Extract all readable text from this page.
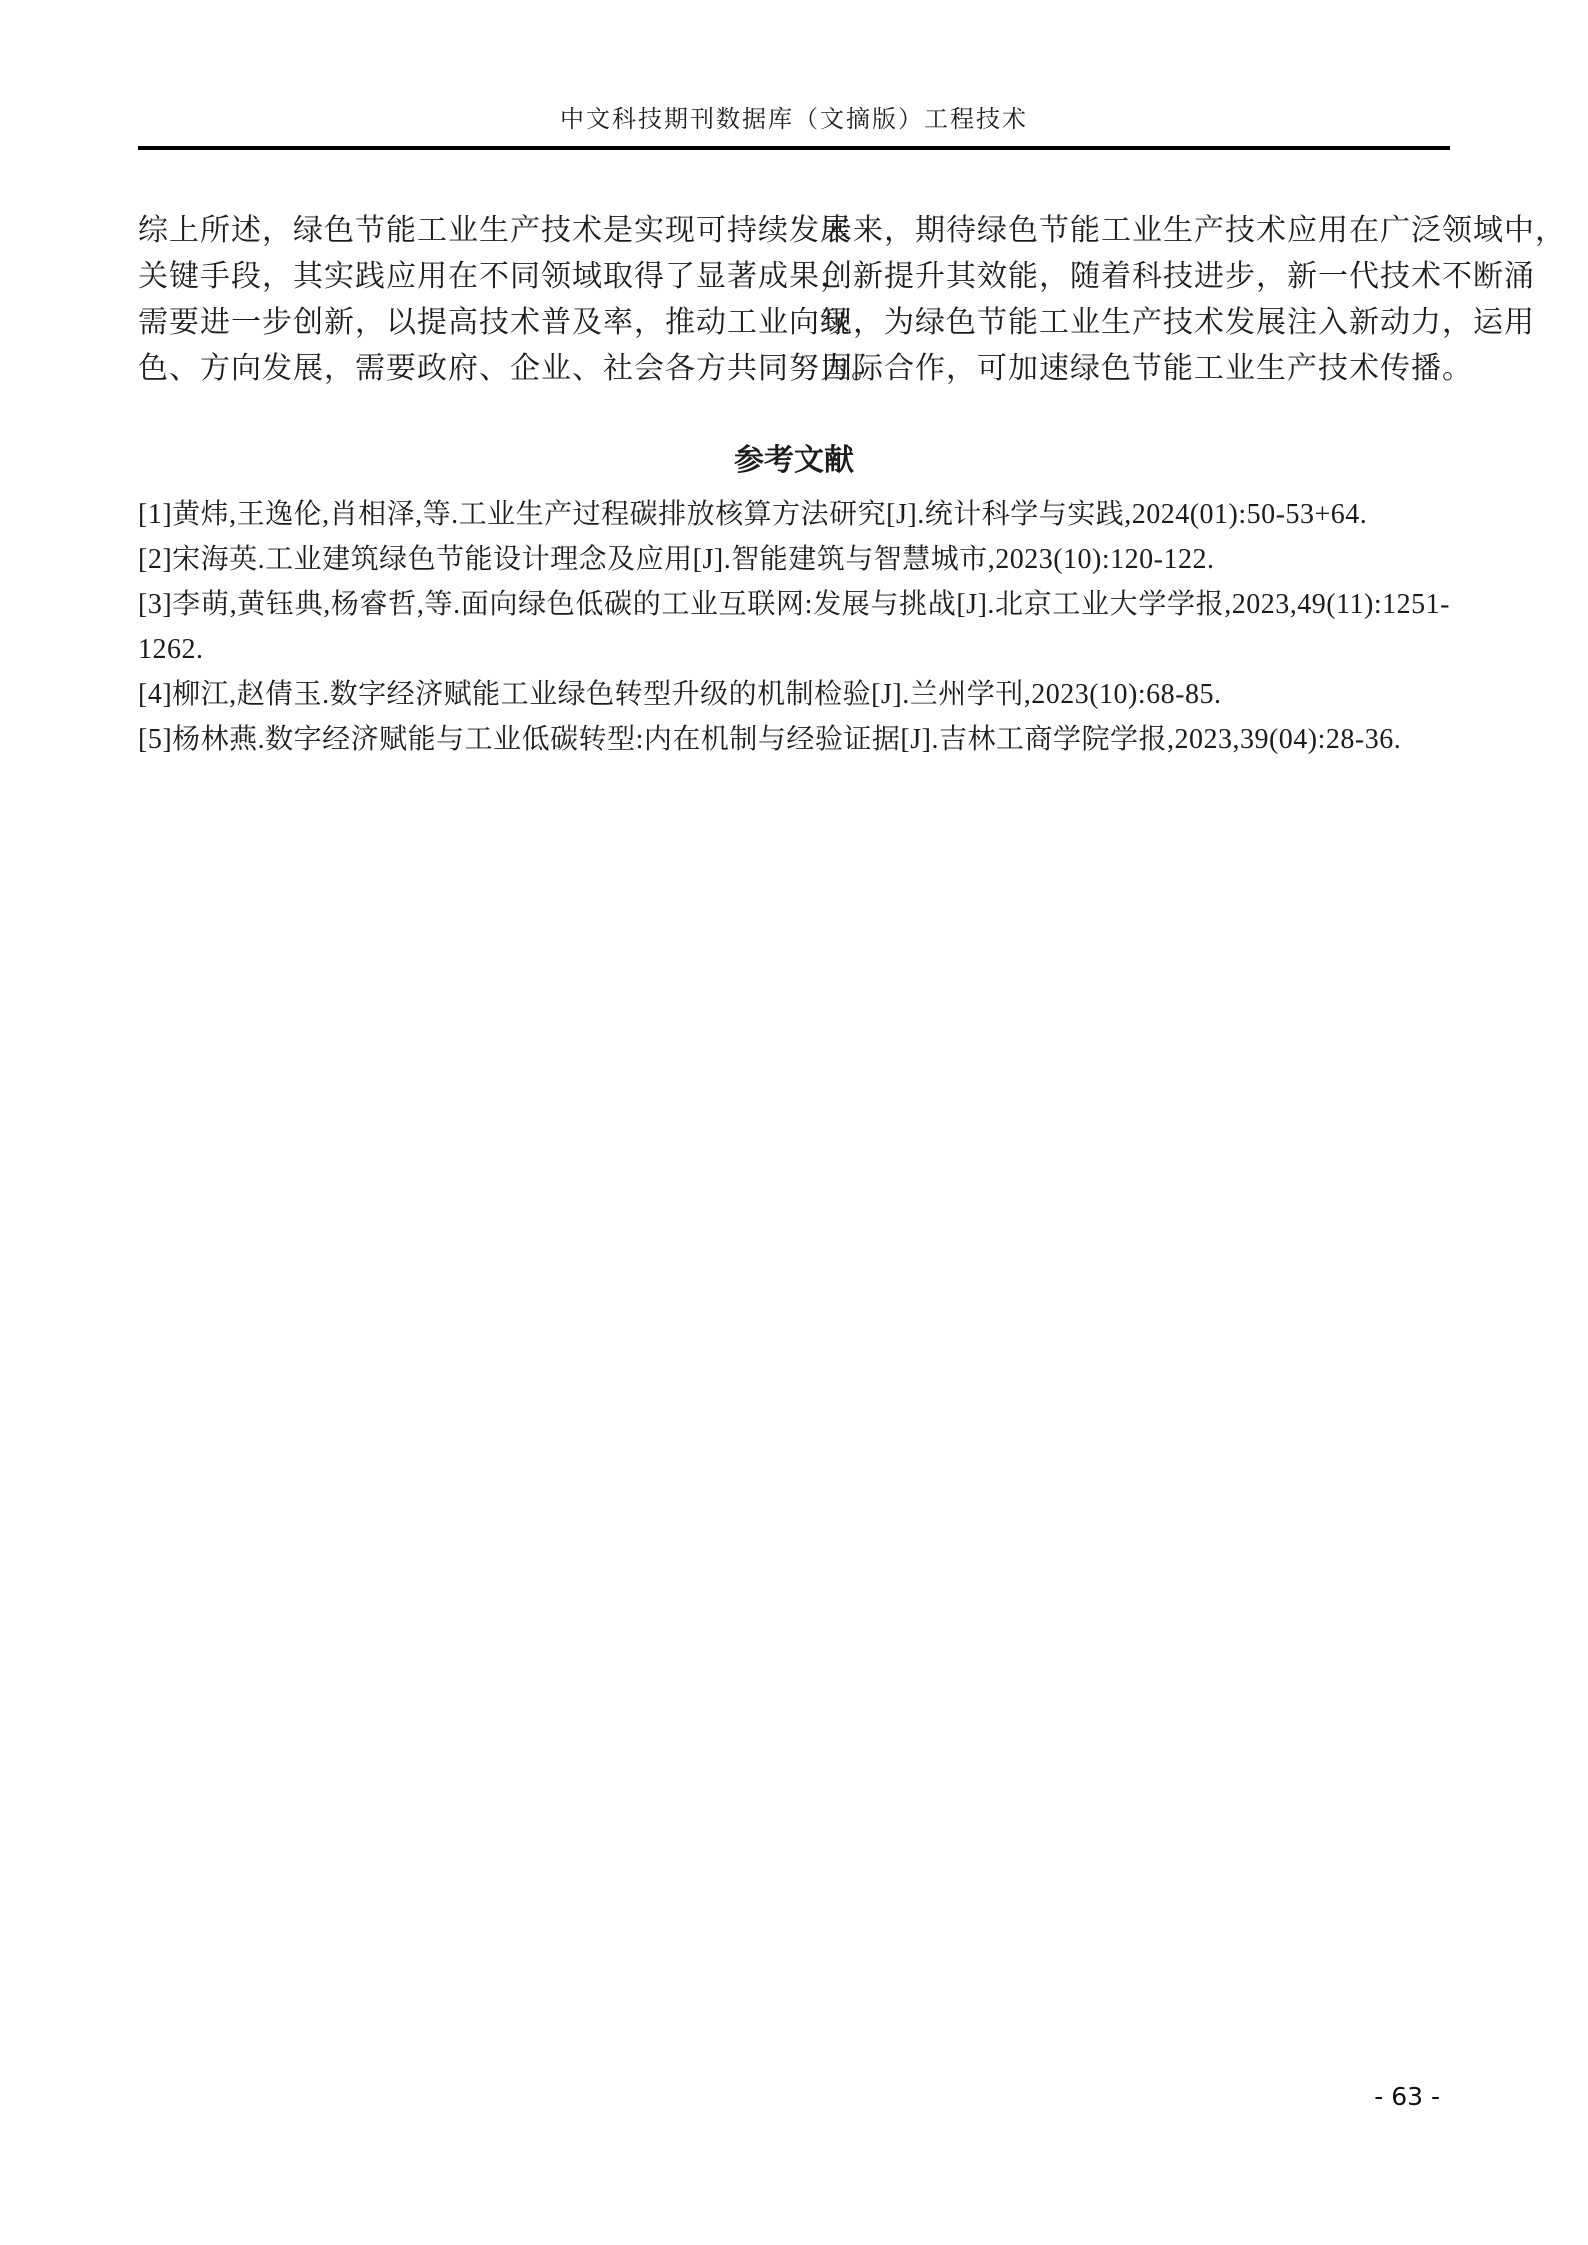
中文科技期刊数据库（文摘版）工程技术
综上所述，绿色节能工业生产技术是实现可持续发展
关键手段，其实践应用在不同领域取得了显著成果，
需要进一步创新，以提高技术普及率，推动工业向绿
色、方向发展，需要政府、企业、社会各方共同努力。
未来，期待绿色节能工业生产技术应用在广泛领域中，
创新提升其效能，随着科技进步，新一代技术不断涌
现，为绿色节能工业生产技术发展注入新动力，运用
国际合作，可加速绿色节能工业生产技术传播。
参考文献
[1]黄炜,王逸伦,肖相泽,等.工业生产过程碳排放核算方法研究[J].统计科学与实践,2024(01):50-53+64.
[2]宋海英.工业建筑绿色节能设计理念及应用[J].智能建筑与智慧城市,2023(10):120-122.
[3]李萌,黄钰典,杨睿哲,等.面向绿色低碳的工业互联网:发展与挑战[J].北京工业大学学报,2023,49(11):1251-1262.
[4]柳江,赵倩玉.数字经济赋能工业绿色转型升级的机制检验[J].兰州学刊,2023(10):68-85.
[5]杨林燕.数字经济赋能与工业低碳转型:内在机制与经验证据[J].吉林工商学院学报,2023,39(04):28-36.
- 63 -
